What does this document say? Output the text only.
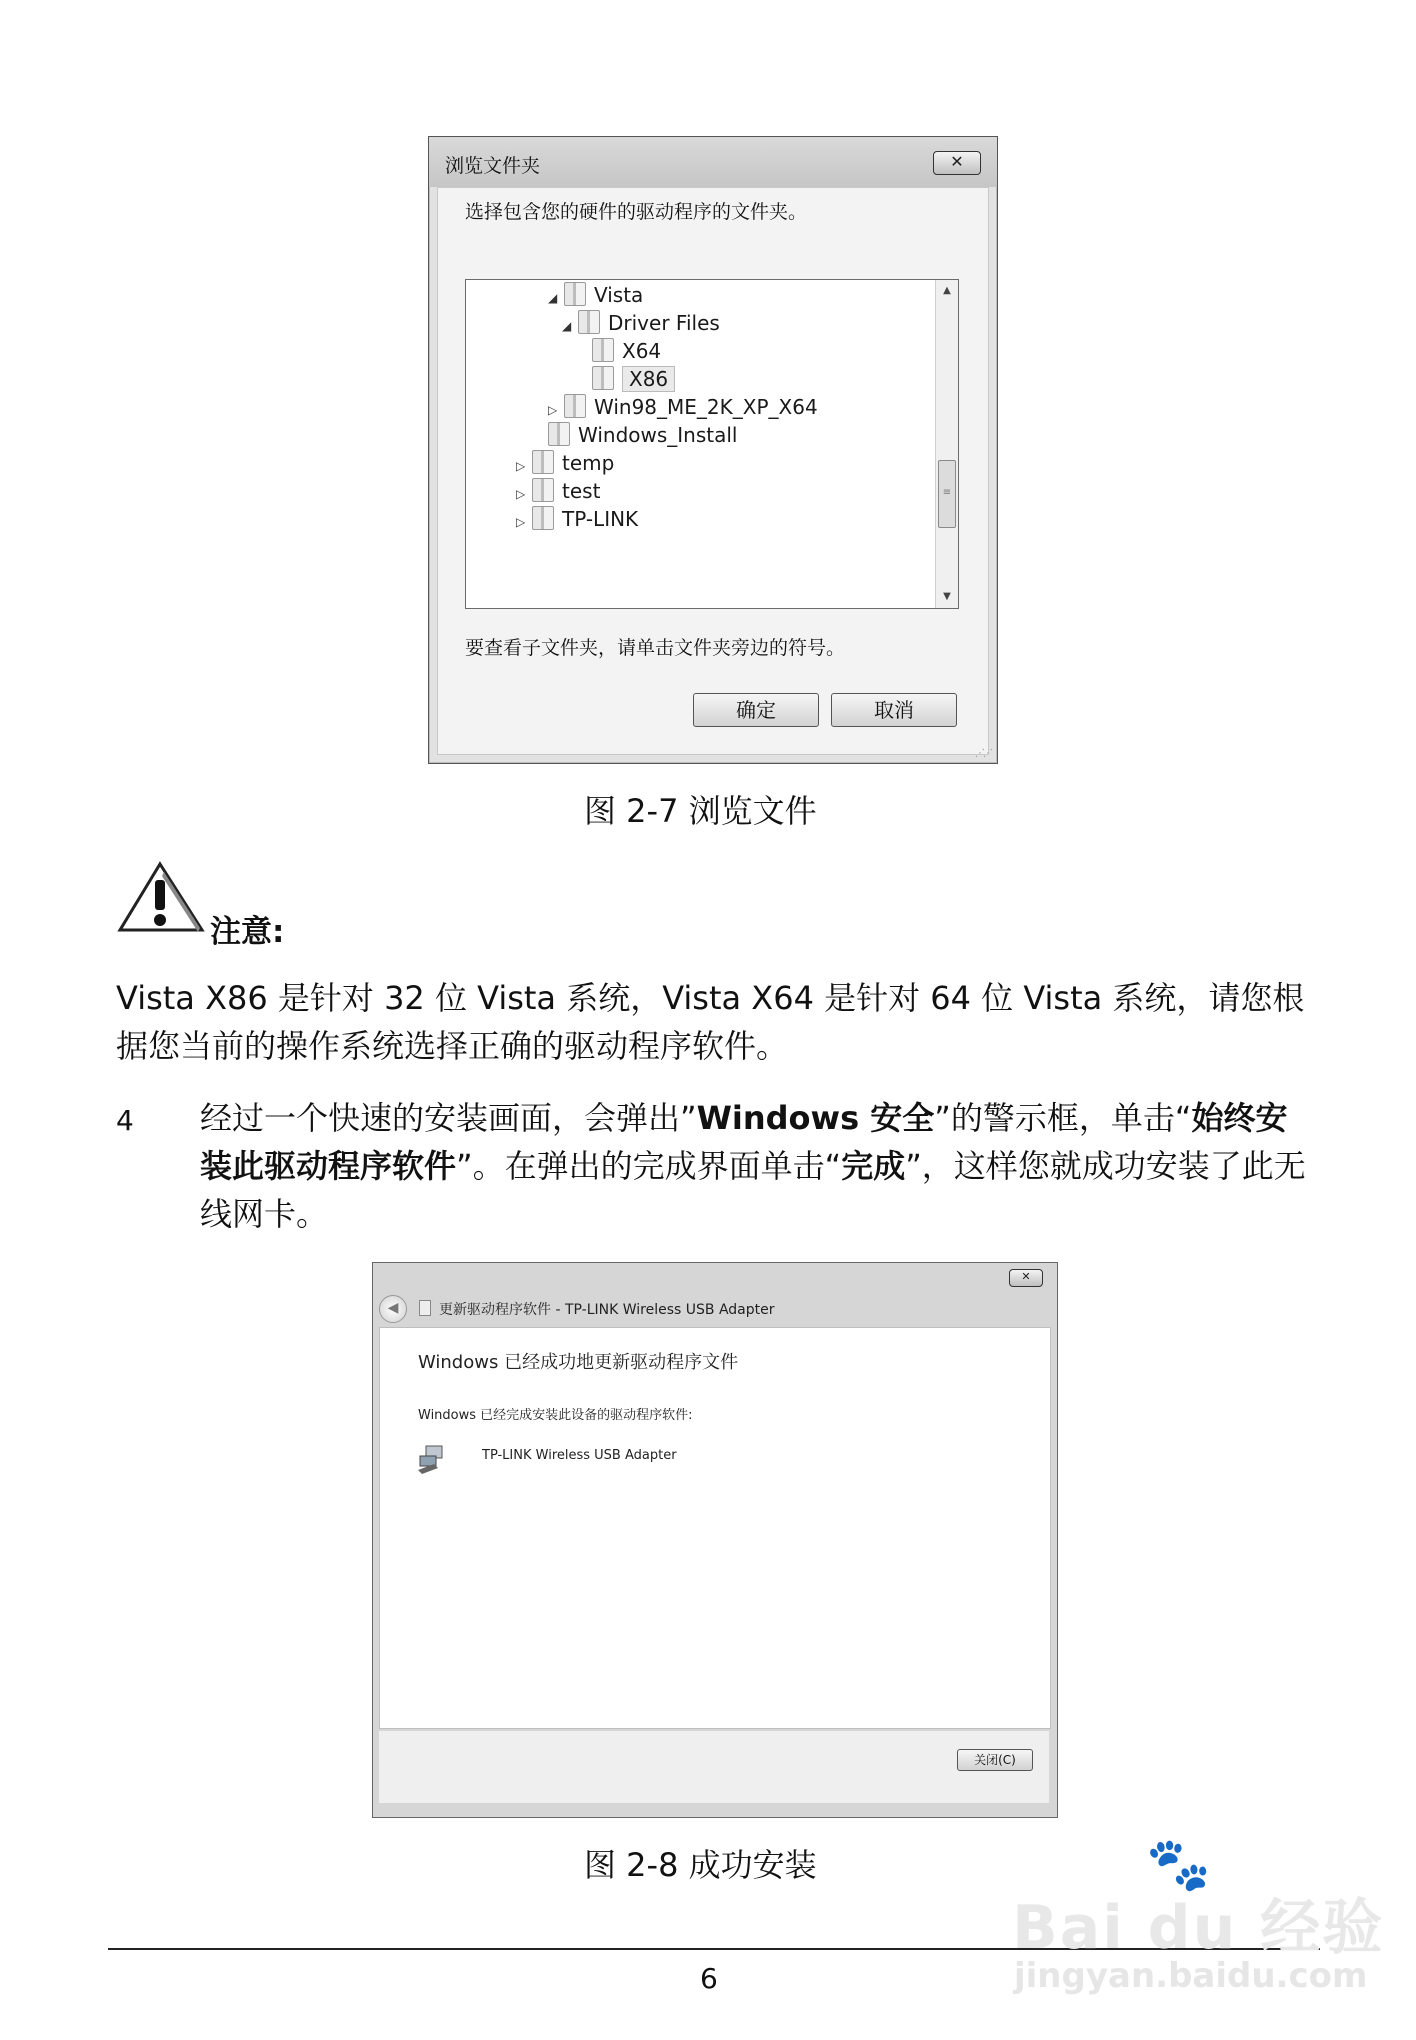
浏览文件夹	✕
选择包含您的硬件的驱动程序的文件夹。
◢ Vista
◢ Driver Files
X64
X86
▷ Win98_ME_2K_XP_X64
Windows_Install
▷ temp
▷ test
▷ TP-LINK
▲
≡
▼
要查看子文件夹，请单击文件夹旁边的符号。
确定	取消
⋰⋰
图 2-7 浏览文件
注意:
Vista X86 是针对 32 位 Vista 系统，Vista X64 是针对 64 位 Vista 系统，请您根据您当前的操作系统选择正确的驱动程序软件。
4 经过一个快速的安装画面，会弹出”Windows 安全”的警示框，单击“始终安装此驱动程序软件”。在弹出的完成界面单击“完成”，这样您就成功安装了此无线网卡。
✕
◀	更新驱动程序软件 - TP-LINK Wireless USB Adapter
Windows 已经成功地更新驱动程序文件
Windows 已经完成安装此设备的驱动程序软件:
TP-LINK Wireless USB Adapter
关闭(C)
图 2-8 成功安装
6
🐾
Bai du 经验
jingyan.baidu.com
